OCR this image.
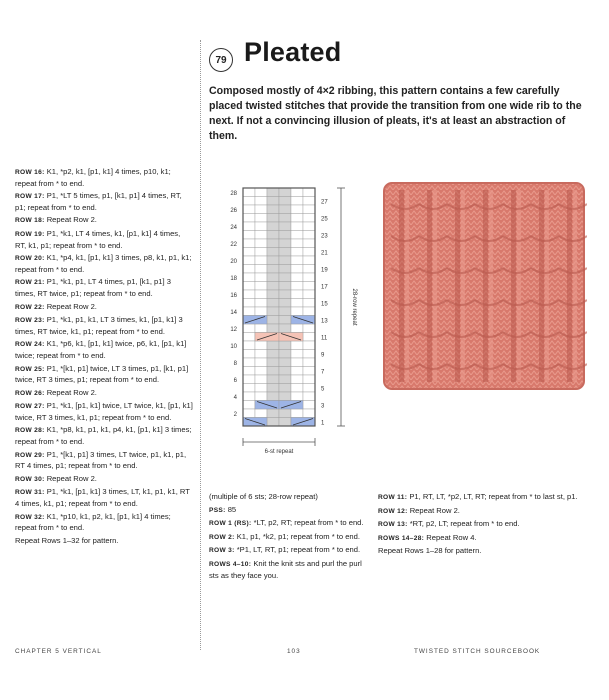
79 Pleated
Composed mostly of 4×2 ribbing, this pattern contains a few carefully placed twisted stitches that provide the transition from one wide rib to the next. If not a convincing illusion of pleats, it's at least an abstraction of them.

ROW 16: K1, *p2, k1, [p1, k1] 4 times, p10, k1; repeat from * to end.

ROW 17: P1, *LT 5 times, p1, [k1, p1] 4 times, RT, p1; repeat from * to end.

ROW 18: Repeat Row 2.

ROW 19: P1, *k1, LT 4 times, k1, [p1, k1] 4 times, RT, k1, p1; repeat from * to end.

ROW 20: K1, *p4, k1, [p1, k1] 3 times, p8, k1, p1, k1; repeat from * to end.

ROW 21: P1, *k1, p1, LT 4 times, p1, [k1, p1] 3 times, RT twice, p1; repeat from * to end.

ROW 22: Repeat Row 2.

ROW 23: P1, *k1, p1, k1, LT 3 times, k1, [p1, k1] 3 times, RT twice, k1, p1; repeat from * to end.

ROW 24: K1, *p6, k1, [p1, k1] twice, p6, k1, [p1, k1] twice; repeat from * to end.

ROW 25: P1, *[k1, p1] twice, LT 3 times, p1, [k1, p1] twice, RT 3 times, p1; repeat from * to end.

ROW 26: Repeat Row 2.

ROW 27: P1, *k1, [p1, k1] twice, LT twice, k1, [p1, k1] twice, RT 3 times, k1, p1; repeat from * to end.

ROW 28: K1, *p8, k1, p1, k1, p4, k1, [p1, k1] 3 times; repeat from * to end.

ROW 29: P1, *[k1, p1] 3 times, LT twice, p1, k1, p1, RT 4 times, p1; repeat from * to end.

ROW 30: Repeat Row 2.

ROW 31: P1, *k1, [p1, k1] 3 times, LT, k1, p1, k1, RT 4 times, k1, p1; repeat from * to end.

ROW 32: K1, *p10, k1, p2, k1, [p1, k1] 4 times; repeat from * to end.

Repeat Rows 1–32 for pattern.

(multiple of 6 sts; 28-row repeat)

PSS: 85

ROW 1 (RS): *LT, p2, RT; repeat from * to end.

ROW 2: K1, p1, *k2, p1; repeat from * to end.

ROW 3: *P1, LT, RT, p1; repeat from * to end.

ROWS 4–10: Knit the knit sts and purl the purl sts as they face you.

ROW 11: P1, RT, LT, *p2, LT, RT; repeat from * to last st, p1.

ROW 12: Repeat Row 2.

ROW 13: *RT, p2, LT; repeat from * to end.

ROWS 14–28: Repeat Row 4.

Repeat Rows 1–28 for pattern.

28
26
24
22
20
18
16
14
12
10
8
6
4
2
27
25
23
21
19
17
15
13
11
9
7
5
3
1
6-st repeat
28-row repeat
CHAPTER 5 VERTICAL	103	TWISTED STITCH SOURCEBOOK
